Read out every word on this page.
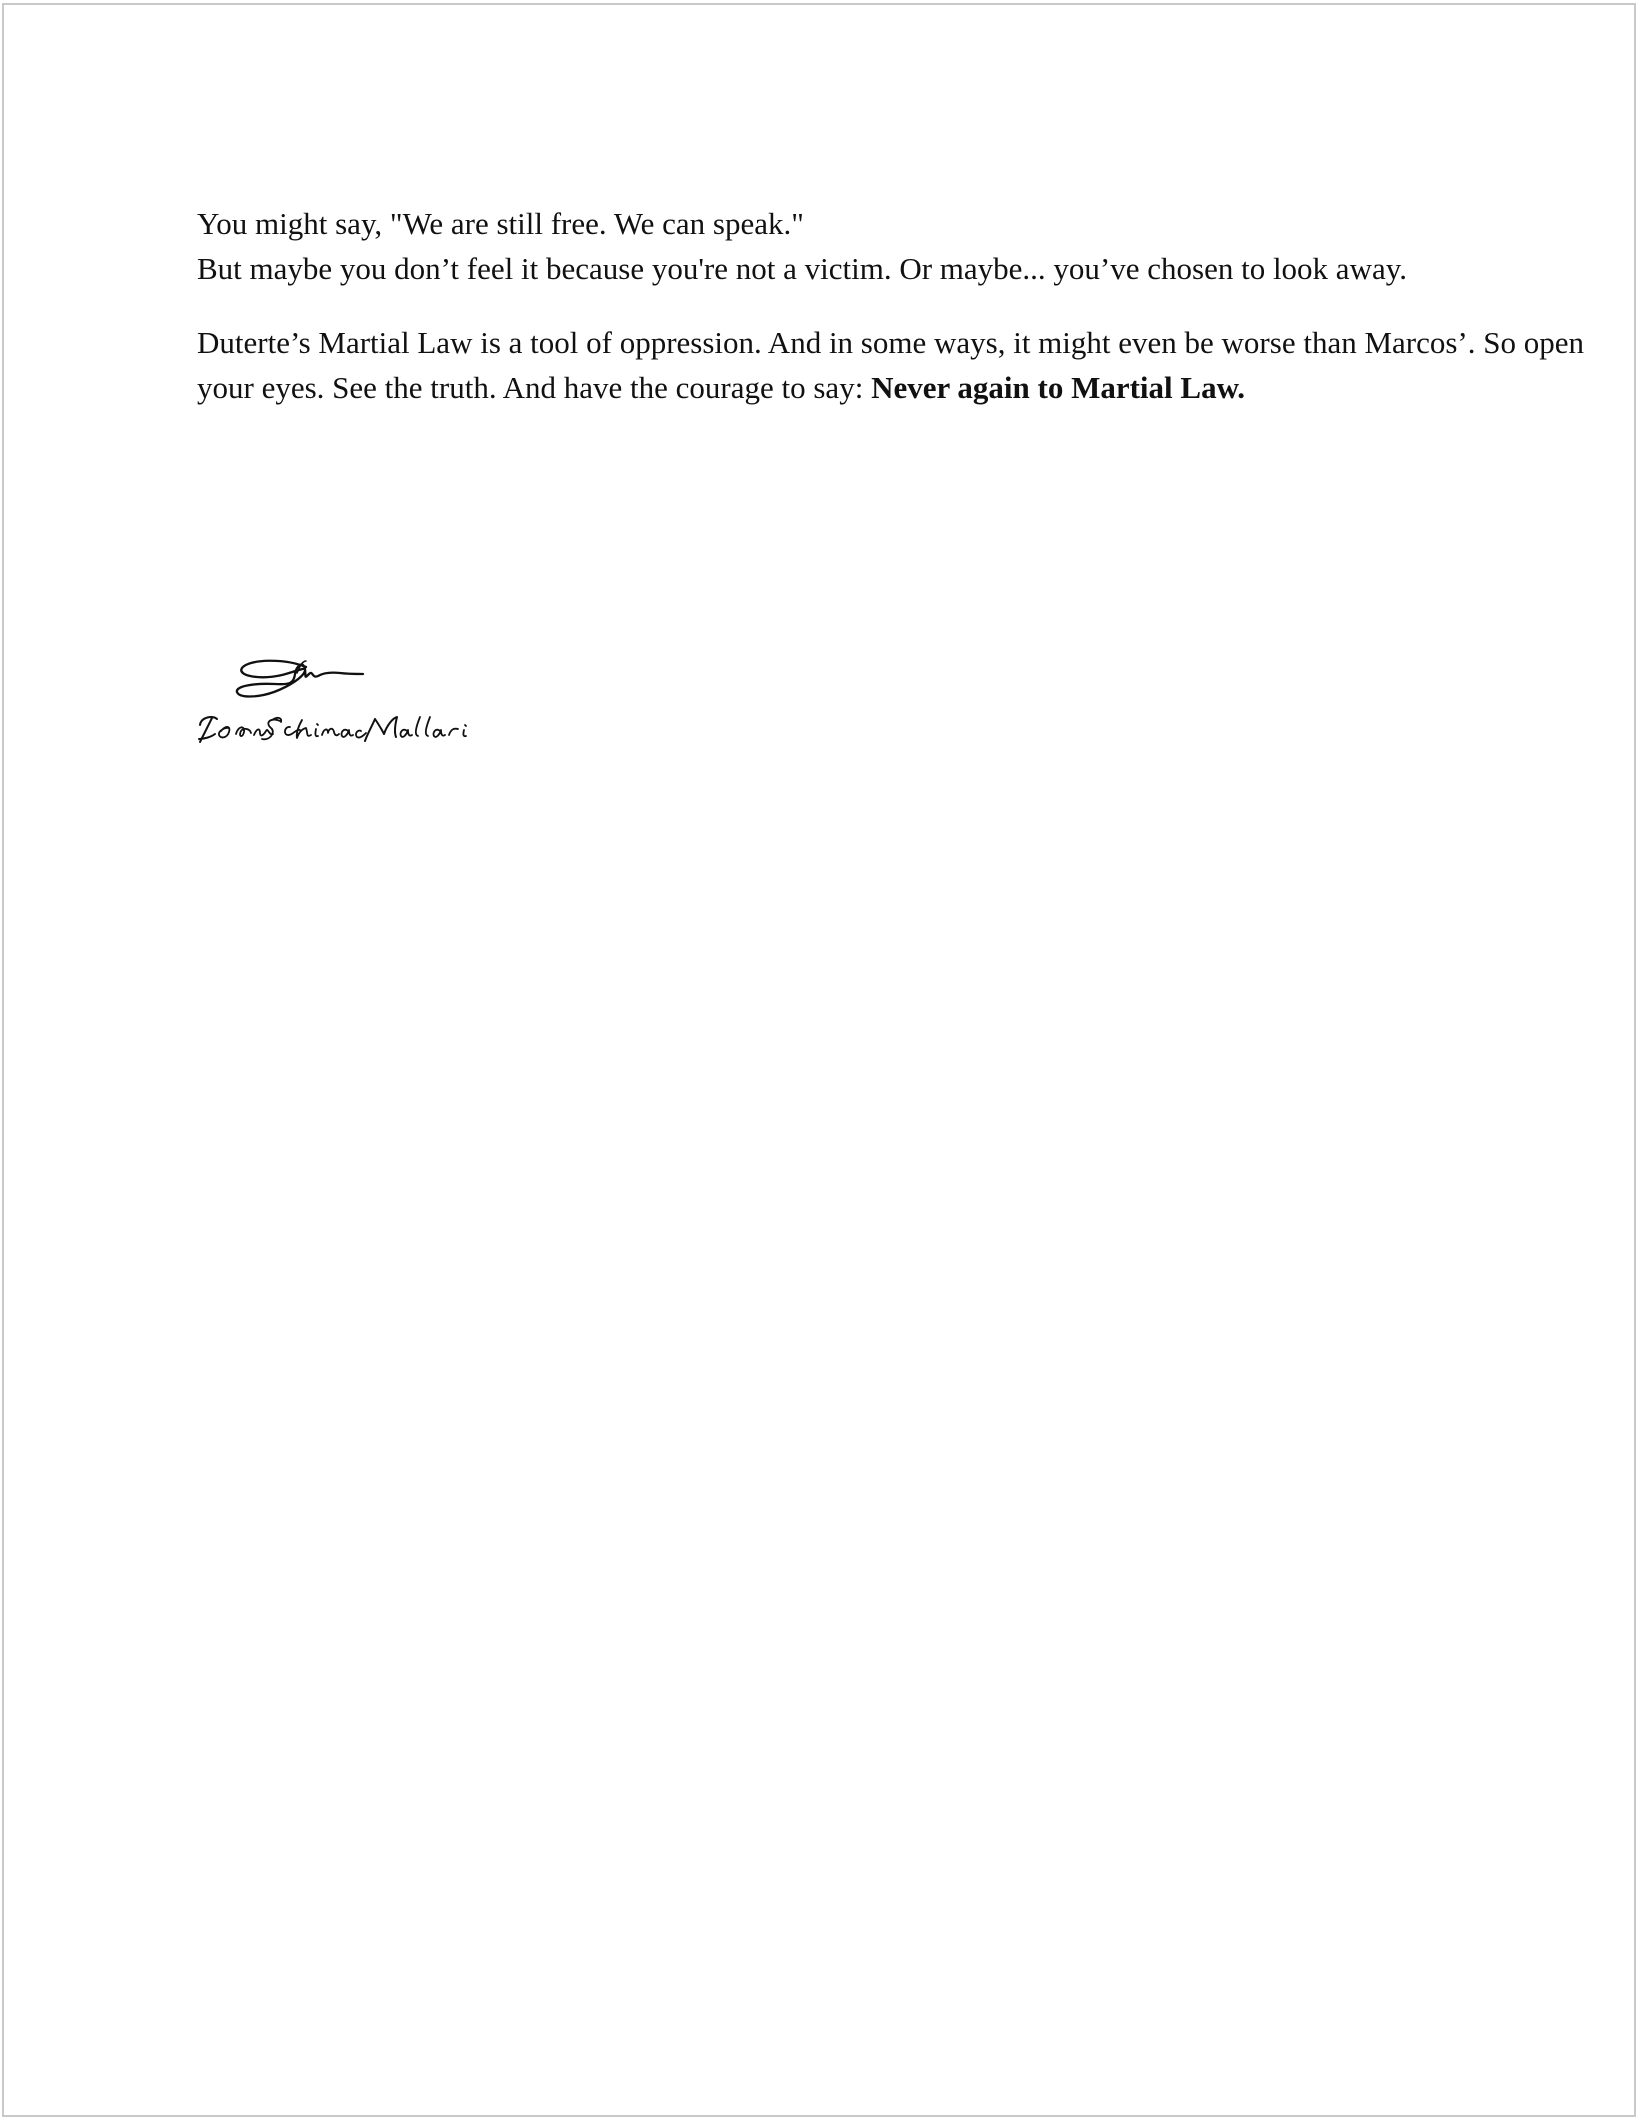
You might say, "We are still free. We can speak."
But maybe you don’t feel it because you're not a victim. Or maybe... you’ve chosen to look away.
Duterte’s Martial Law is a tool of oppression. And in some ways, it might even be worse than Marcos’. So open
your eyes. See the truth. And have the courage to say: Never again to Martial Law.
